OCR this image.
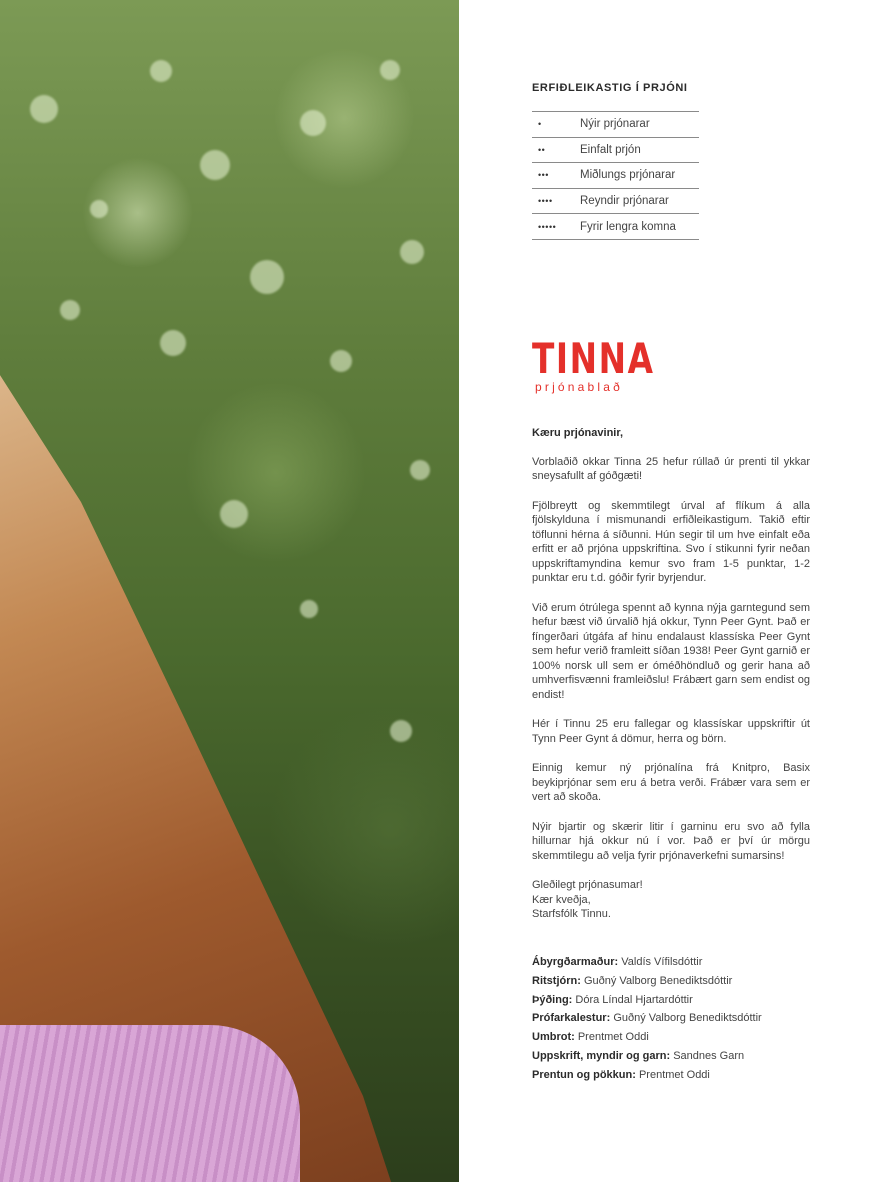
ERFIÐLEIKASTIG Í PRJÓNI
•	Nýir prjónarar
••	Einfalt prjón
•••	Miðlungs prjónarar
••••	Reyndir prjónarar
•••••	Fyrir lengra komna
TINNA
prjónablað

Kæru prjónavinir,

Vorblaðið okkar Tinna 25 hefur rúllað úr prenti til ykkar sneysafullt af góðgæti!

Fjölbreytt og skemmtilegt úrval af flíkum á alla fjölskylduna í mismunandi erfiðleikastigum. Takið eftir töflunni hérna á síðunni. Hún segir til um hve einfalt eða erfitt er að prjóna uppskriftina. Svo í stikunni fyrir neðan uppskriftamyndina kemur svo fram 1-5 punktar, 1-2 punktar eru t.d. góðir fyrir byrjendur.

Við erum ótrúlega spennt að kynna nýja garntegund sem hefur bæst við úrvalið hjá okkur, Tynn Peer Gynt. Það er fíngerðari útgáfa af hinu endalaust klassíska Peer Gynt sem hefur verið framleitt síðan 1938! Peer Gynt garnið er 100% norsk ull sem er óméðhöndluð og gerir hana að umhverfisvænni framleiðslu! Frábært garn sem endist og endist!

Hér í Tinnu 25 eru fallegar og klassískar uppskriftir út Tynn Peer Gynt á dömur, herra og börn.

Einnig kemur ný prjónalína frá Knitpro, Basix beykiprjónar sem eru á betra verði. Frábær vara sem er vert að skoða.

Nýir bjartir og skærir litir í garninu eru svo að fylla hillurnar hjá okkur nú í vor. Það er því úr mörgu skemmtilegu að velja fyrir prjónaverkefni sumarsins!

Gleðilegt prjónasumar!

Kær kveðja,

Starfsfólk Tinnu.

Ábyrgðarmaður: Valdís Vífilsdóttir
Ritstjórn: Guðný Valborg Benediktsdóttir
Þýðing: Dóra Líndal Hjartardóttir
Prófarkalestur: Guðný Valborg Benediktsdóttir
Umbrot: Prentmet Oddi
Uppskrift, myndir og garn: Sandnes Garn
Prentun og pökkun: Prentmet Oddi
